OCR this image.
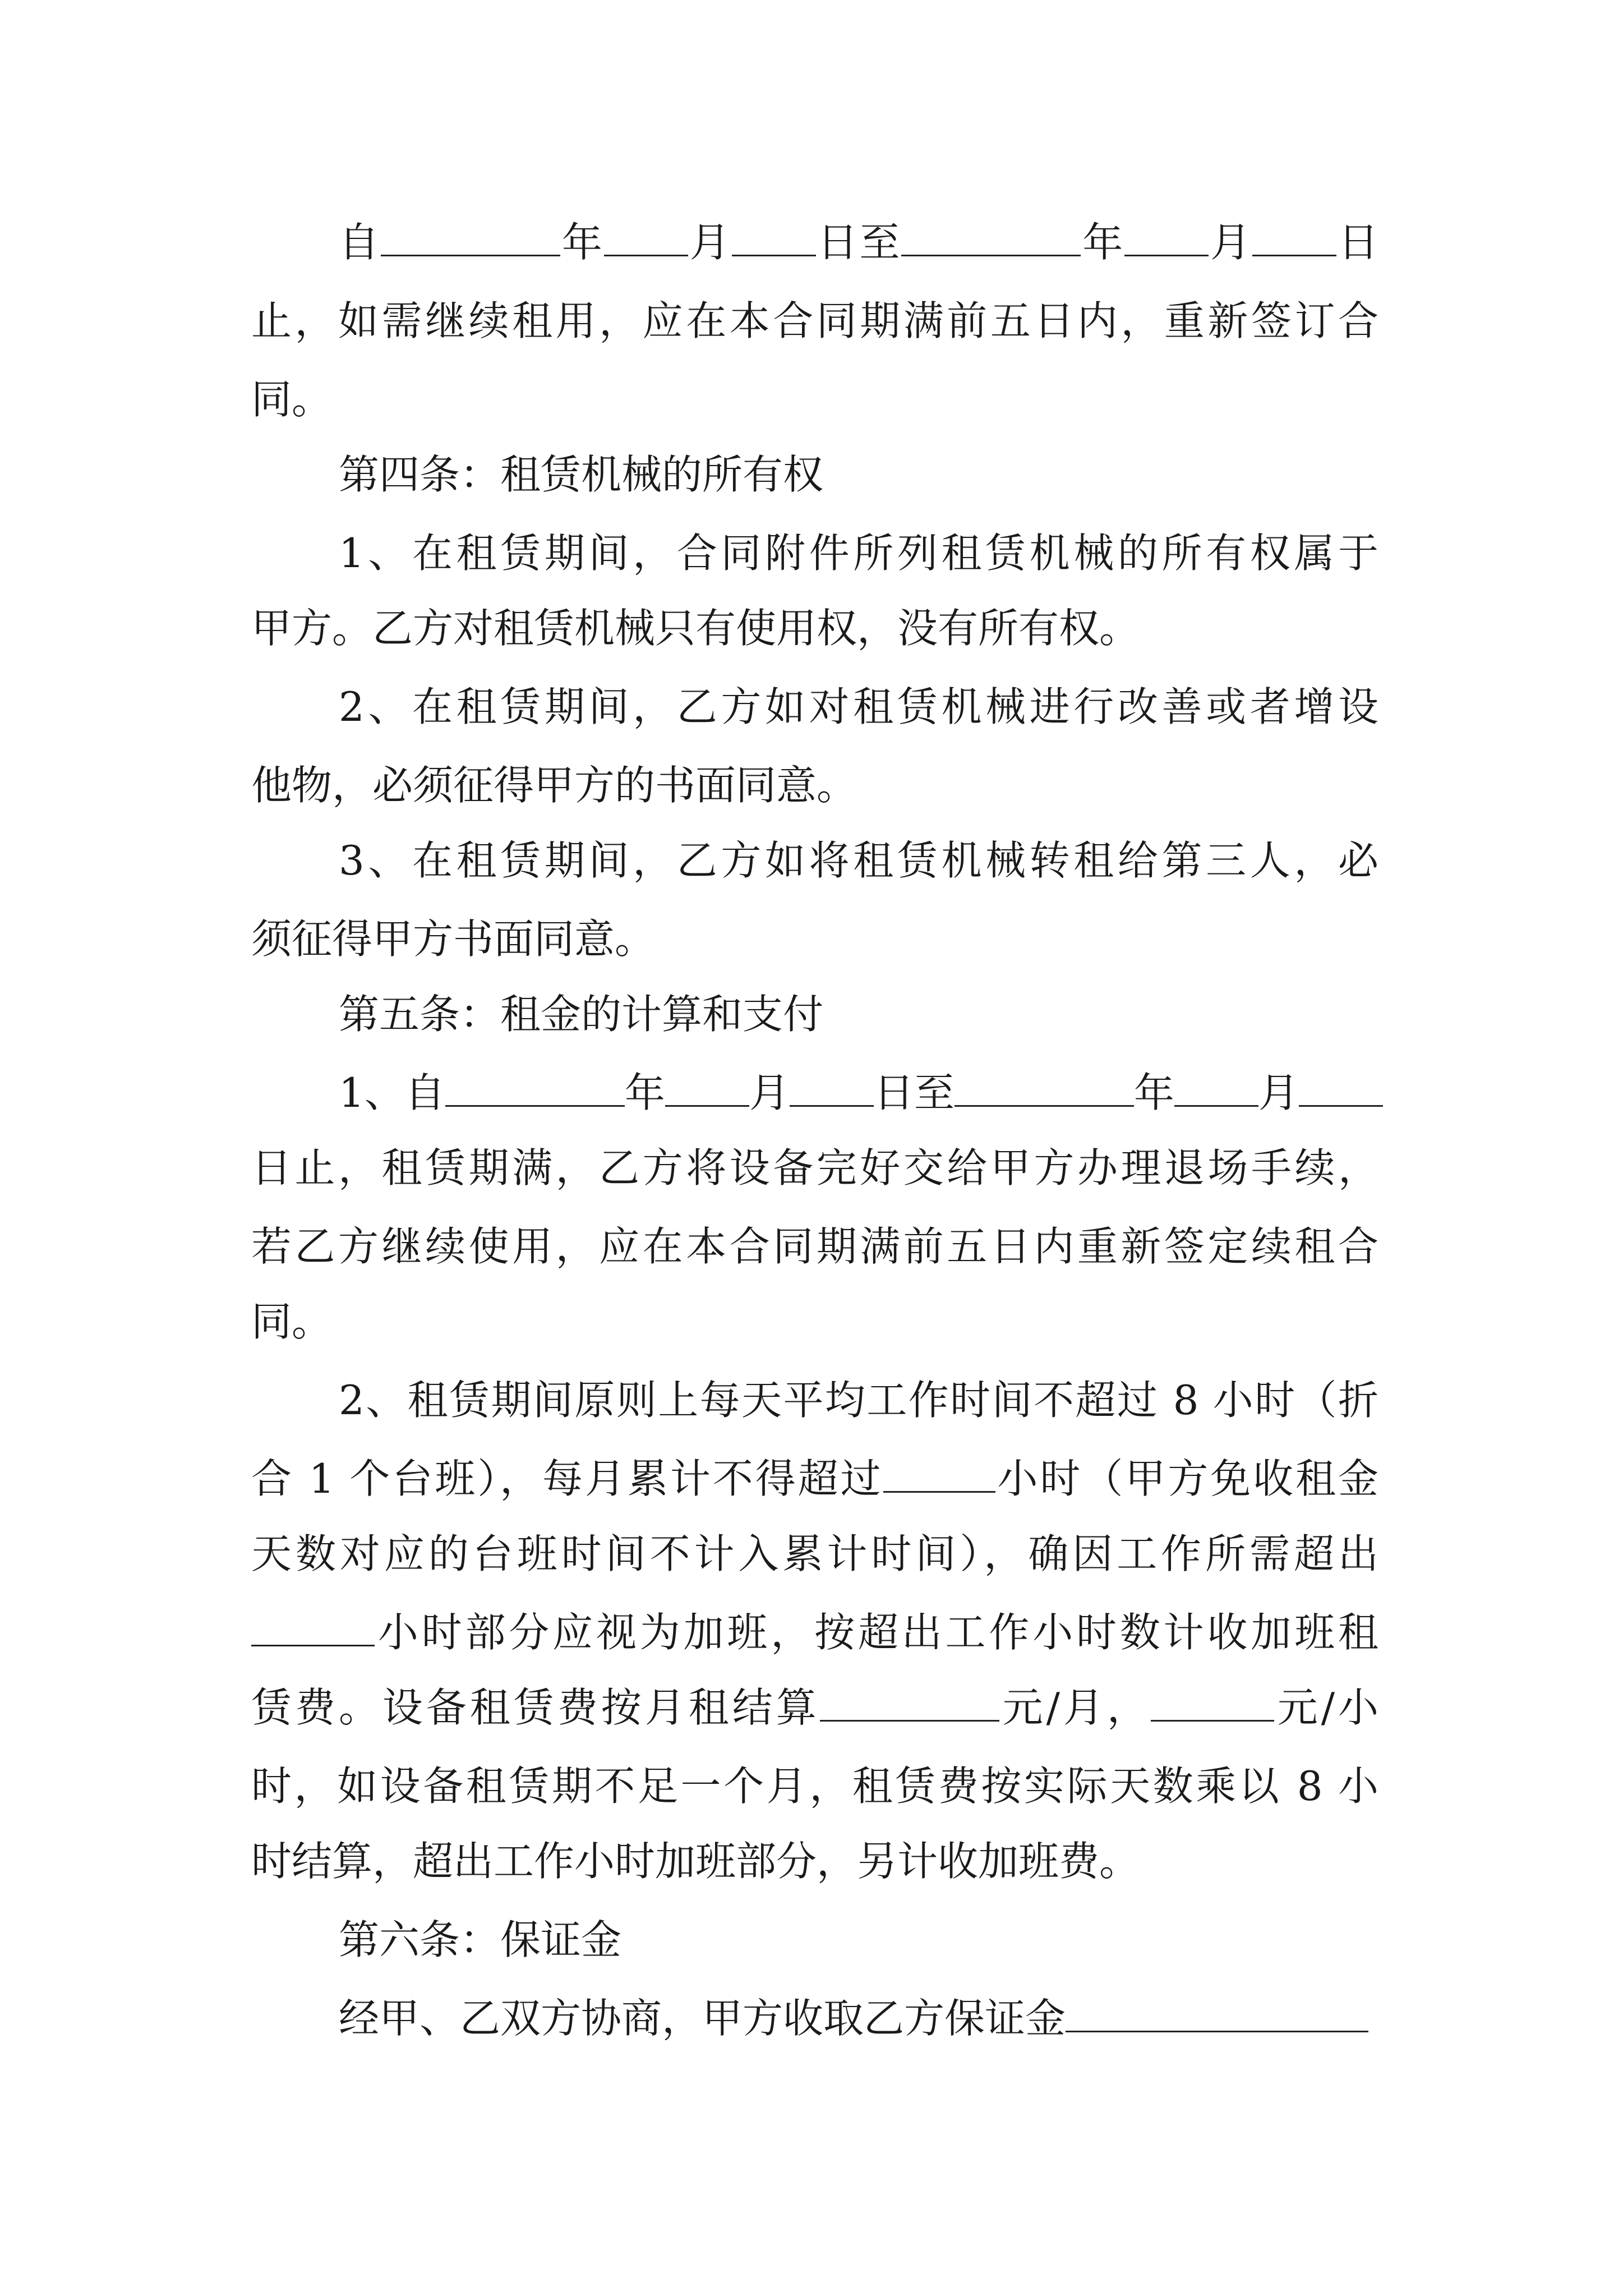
自	年 月 日至	年 月 日
止，如需继续租用，应在本合同期满前五日内，重新签订合
同。
第四条：租赁机械的所有权
1、在租赁期间，合同附件所列租赁机械的所有权属于
甲方。乙方对租赁机械只有使用权，没有所有权。
2、在租赁期间，乙方如对租赁机械进行改善或者增设
他物，必须征得甲方的书面同意。
3、在租赁期间，乙方如将租赁机械转租给第三人，必
须征得甲方书面同意。
第五条：租金的计算和支付
1、自	年 月 日至	年 月
日止，租赁期满，乙方将设备完好交给甲方办理退场手续，
若乙方继续使用，应在本合同期满前五日内重新签定续租合
同。
2、租赁期间原则上每天平均工作时间不超过 8 小时（折
合 1 个台班），每月累计不得超过	小时（甲方免收租金
天数对应的台班时间不计入累计时间），确因工作所需超出
小时部分应视为加班，按超出工作小时数计收加班租
赁费。设备租赁费按月租结算	元/月，	元/小
时，如设备租赁期不足一个月，租赁费按实际天数乘以 8 小
时结算，超出工作小时加班部分，另计收加班费。
第六条：保证金
经甲、乙双方协商，甲方收取乙方保证金
